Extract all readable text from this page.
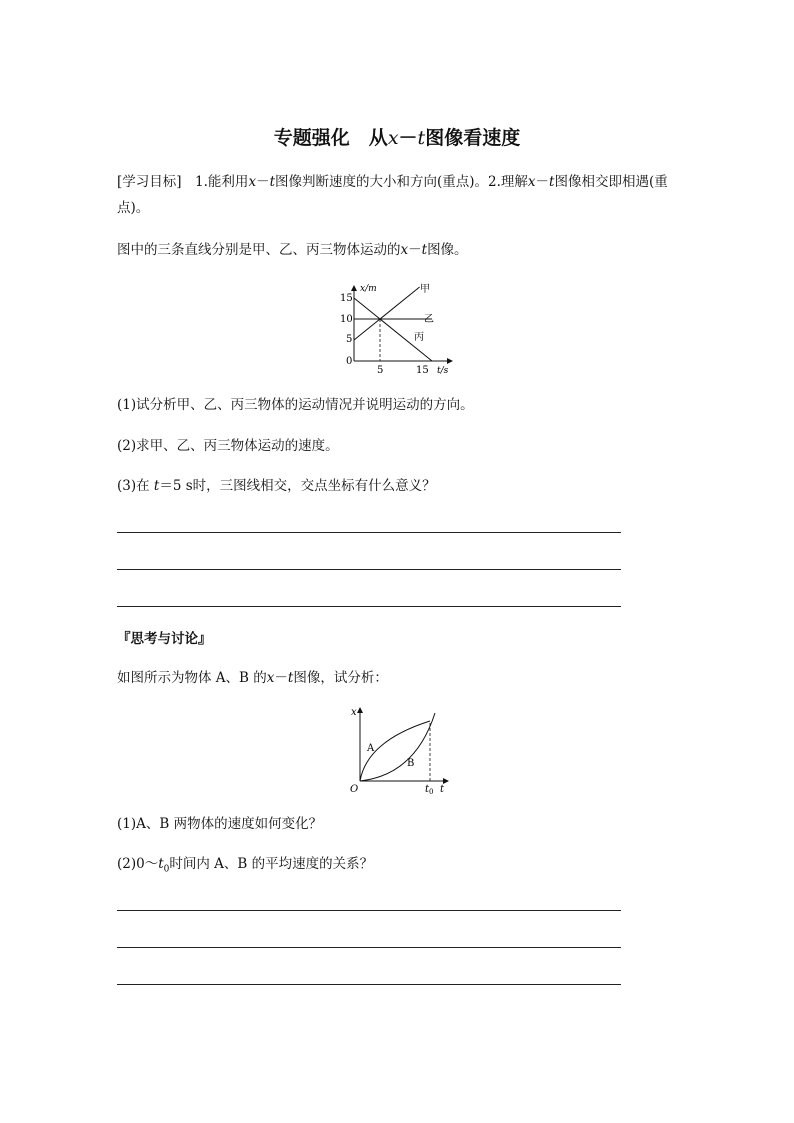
专题强化　从x－t图像看速度
[学习目标]　1.能利用x－t图像判断速度的大小和方向(重点)。2.理解x－t图像相交即相遇(重点)。
图中的三条直线分别是甲、乙、丙三物体运动的x－t图像。
x/m
t/s
15
10
5
0
5	15
甲
乙
丙
(1)试分析甲、乙、丙三物体的运动情况并说明运动的方向。
(2)求甲、乙、丙三物体运动的速度。
(3)在 t＝5 s时，三图线相交，交点坐标有什么意义？
『思考与讨论』
如图所示为物体 A、B 的x－t图像，试分析：
x
t
O	$t_0$
A
B
(1)A、B 两物体的速度如何变化？
$(2)0\sim t_0$时间内 A、B 的平均速度的关系？
